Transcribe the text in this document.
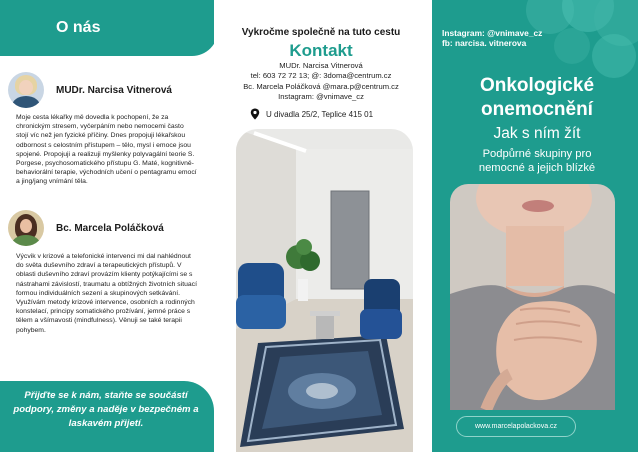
O nás
MUDr. Narcisa Vitnerová

Moje cesta lékařky mě dovedla k pochopení, že za chronickým stresem, vyčerpáním nebo nemocemi často stojí víc než jen fyzické příčiny. Dnes propojuji lékařskou odbornost s celostním přístupem – tělo, mysl i emoce jsou spojené. Propojuji a realizuji myšlenky polyvagální teorie S. Porgese, psychosomatického přístupu G. Maté, kognitivně-behaviorální terapie, východních učení o pentagramu emocí a jing/jang vnímání těla.

Bc. Marcela Poláčková

Výcvik v krizové a telefonické intervenci mi dal nahlédnout do světa duševního zdraví a terapeutických přístupů. V oblasti duševního zdraví provázím klienty potýkajícími se s nástrahami závislostí, traumatu a obtížných životních situací formou individuálních sezení a skupinových setkávání. Využívám metody krizové intervence, osobních a rodinných konstelací, principy somatického prožívání, jemné práce s tělem a všímavosti (mindfulness). Věnuji se také terapii pohybem.

Přijďte se k nám, staňte se součástí podpory, změny a naděje v bezpečném a laskavém přijetí.

Vykročme společně na tuto cestu
Kontakt
MUDr. Narcisa Vitnerová
tel: 603 72 72 13; @: 3doma@centrum.cz
Bc. Marcela Poláčková @mara.p@centrum.cz
Instagram: @vnimave_cz
U divadla 25/2, Teplice 415 01
Instagram: @vnimave_cz
fb: narcisa. vitnerova
Onkologické
onemocnění
Jak s ním žít
Podpůrné skupiny pro
nemocné a jejich blízké
www.marcelapolackova.cz
